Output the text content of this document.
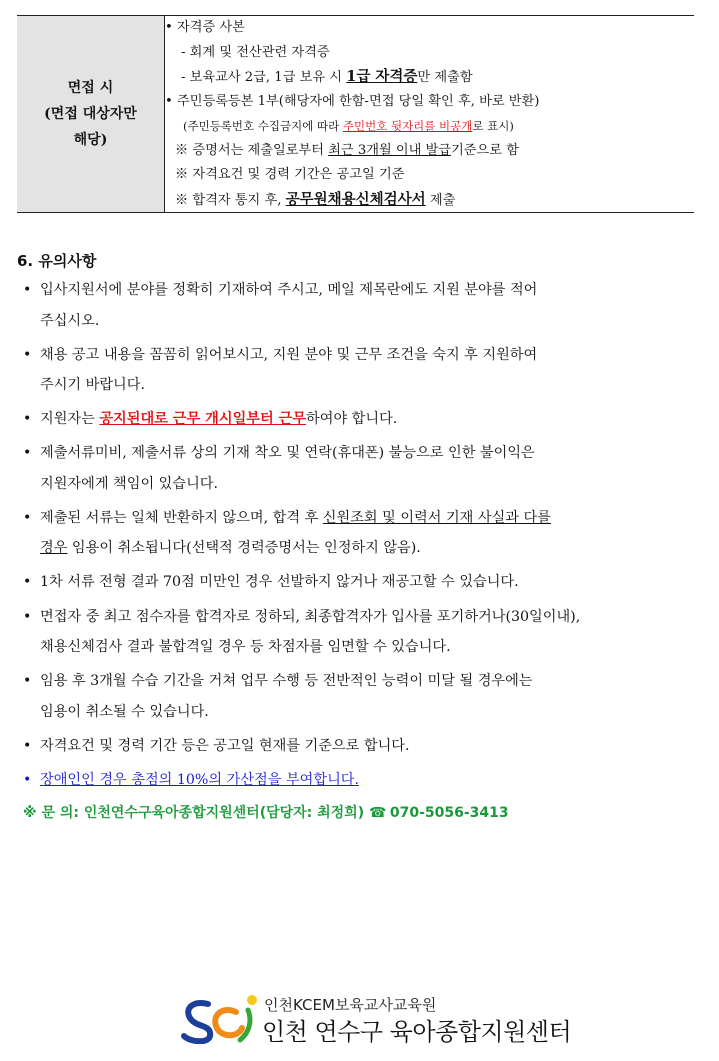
면접 시
(면접 대상자만
해당)

• 자격증 사본
- 회계 및 전산관련 자격증
- 보육교사 2급, 1급 보유 시 1급 자격증만 제출함
• 주민등록등본 1부(해당자에 한함-면접 당일 확인 후, 바로 반환)
(주민등록번호 수집금지에 따라 주민번호 뒷자리를 비공개로 표시)
※ 증명서는 제출일로부터 최근 3개월 이내 발급기준으로 함
※ 자격요건 및 경력 기간은 공고일 기준
※ 합격자 통지 후, 공무원채용신체검사서 제출
6. 유의사항
• 입사지원서에 분야를 정확히 기재하여 주시고, 메일 제목란에도 지원 분야를 적어
주십시오.
• 채용 공고 내용을 꼼꼼히 읽어보시고, 지원 분야 및 근무 조건을 숙지 후 지원하여
주시기 바랍니다.
• 지원자는 공지된대로 근무 개시일부터 근무하여야 합니다.
• 제출서류미비, 제출서류 상의 기재 착오 및 연락(휴대폰) 불능으로 인한 불이익은
지원자에게 책임이 있습니다.
• 제출된 서류는 일체 반환하지 않으며, 합격 후 신원조회 및 이력서 기재 사실과 다를
경우 임용이 취소됩니다(선택적 경력증명서는 인정하지 않음).
• 1차 서류 전형 결과 70점 미만인 경우 선발하지 않거나 재공고할 수 있습니다.
• 면접자 중 최고 점수자를 합격자로 정하되, 최종합격자가 입사를 포기하거나(30일이내),
채용신체검사 결과 불합격일 경우 등 차점자를 임면할 수 있습니다.
• 임용 후 3개월 수습 기간을 거쳐 업무 수행 등 전반적인 능력이 미달 될 경우에는
임용이 취소될 수 있습니다.
• 자격요건 및 경력 기간 등은 공고일 현재를 기준으로 합니다.
• 장애인인 경우 총점의 10%의 가산점을 부여합니다.
※ 문 의: 인천연수구육아종합지원센터(담당자: 최정희) ☎ 070-5056-3413
인천KCEM보육교사교육원
인천 연수구 육아종합지원센터
